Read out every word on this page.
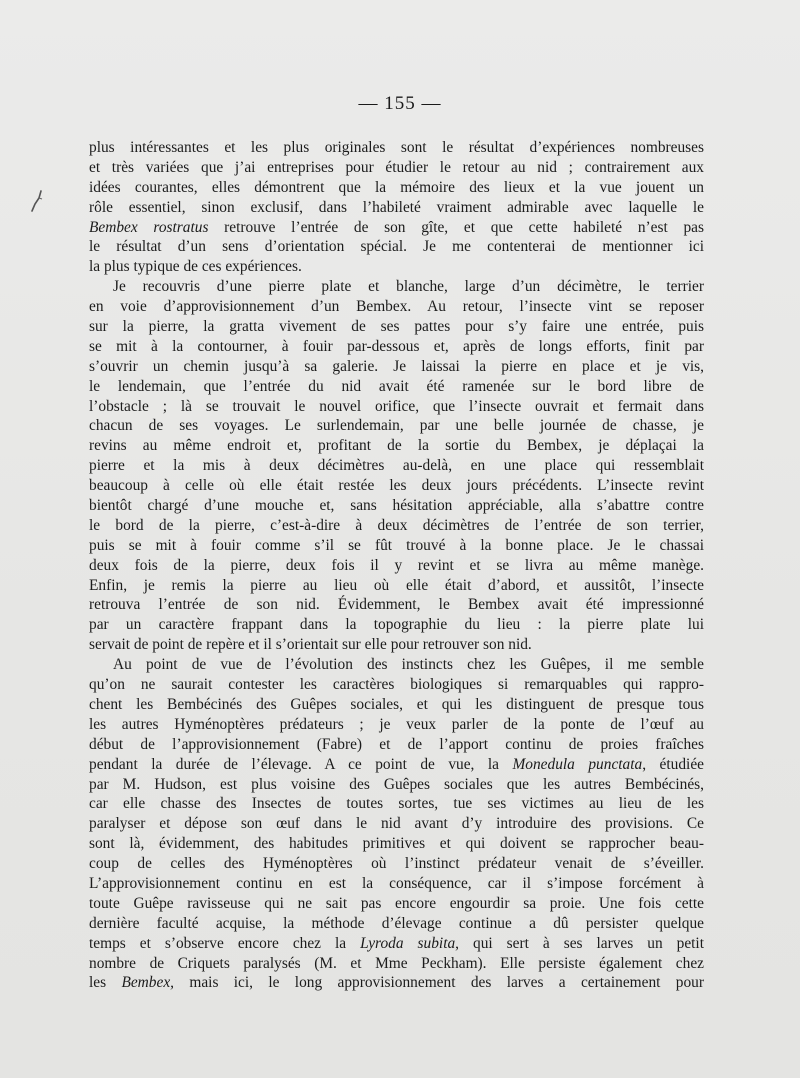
— 155 —
plus intéressantes et les plus originales sont le résultat d’expériences nombreuses
et très variées que j’ai entreprises pour étudier le retour au nid ; contrairement aux
idées courantes, elles démontrent que la mémoire des lieux et la vue jouent un
rôle essentiel, sinon exclusif, dans l’habileté vraiment admirable avec laquelle le
Bembex rostratus retrouve l’entrée de son gîte, et que cette habileté n’est pas
le résultat d’un sens d’orientation spécial. Je me contenterai de mentionner ici
la plus typique de ces expériences.
Je recouvris d’une pierre plate et blanche, large d’un décimètre, le terrier
en voie d’approvisionnement d’un Bembex. Au retour, l’insecte vint se reposer
sur la pierre, la gratta vivement de ses pattes pour s’y faire une entrée, puis
se mit à la contourner, à fouir par-dessous et, après de longs efforts, finit par
s’ouvrir un chemin jusqu’à sa galerie. Je laissai la pierre en place et je vis,
le lendemain, que l’entrée du nid avait été ramenée sur le bord libre de
l’obstacle ; là se trouvait le nouvel orifice, que l’insecte ouvrait et fermait dans
chacun de ses voyages. Le surlendemain, par une belle journée de chasse, je
revins au même endroit et, profitant de la sortie du Bembex, je déplaçai la
pierre et la mis à deux décimètres au-delà, en une place qui ressemblait
beaucoup à celle où elle était restée les deux jours précédents. L’insecte revint
bientôt chargé d’une mouche et, sans hésitation appréciable, alla s’abattre contre
le bord de la pierre, c’est-à-dire à deux décimètres de l’entrée de son terrier,
puis se mit à fouir comme s’il se fût trouvé à la bonne place. Je le chassai
deux fois de la pierre, deux fois il y revint et se livra au même manège.
Enfin, je remis la pierre au lieu où elle était d’abord, et aussitôt, l’insecte
retrouva l’entrée de son nid. Évidemment, le Bembex avait été impressionné
par un caractère frappant dans la topographie du lieu : la pierre plate lui
servait de point de repère et il s’orientait sur elle pour retrouver son nid.
Au point de vue de l’évolution des instincts chez les Guêpes, il me semble
qu’on ne saurait contester les caractères biologiques si remarquables qui rappro-
chent les Bembécinés des Guêpes sociales, et qui les distinguent de presque tous
les autres Hyménoptères prédateurs ; je veux parler de la ponte de l’œuf au
début de l’approvisionnement (Fabre) et de l’apport continu de proies fraîches
pendant la durée de l’élevage. A ce point de vue, la Monedula punctata, étudiée
par M. Hudson, est plus voisine des Guêpes sociales que les autres Bembécinés,
car elle chasse des Insectes de toutes sortes, tue ses victimes au lieu de les
paralyser et dépose son œuf dans le nid avant d’y introduire des provisions. Ce
sont là, évidemment, des habitudes primitives et qui doivent se rapprocher beau-
coup de celles des Hyménoptères où l’instinct prédateur venait de s’éveiller.
L’approvisionnement continu en est la conséquence, car il s’impose forcément à
toute Guêpe ravisseuse qui ne sait pas encore engourdir sa proie. Une fois cette
dernière faculté acquise, la méthode d’élevage continue a dû persister quelque
temps et s’observe encore chez la Lyroda subita, qui sert à ses larves un petit
nombre de Criquets paralysés (M. et Mme Peckham). Elle persiste également chez
les Bembex, mais ici, le long approvisionnement des larves a certainement pour
